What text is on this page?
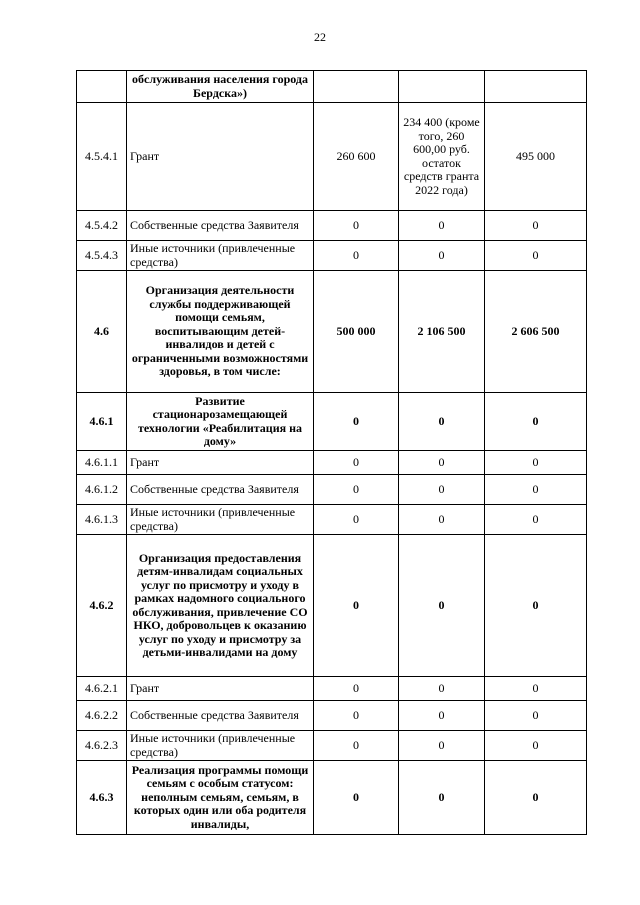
22
	обслуживания населения города Бердска»)			
4.5.4.1	Грант	260 600	234 400 (кроме того, 260 600,00 руб. остаток средств гранта 2022 года)	495 000
4.5.4.2	Собственные средства Заявителя	0	0	0
4.5.4.3	Иные источники (привлеченные средства)	0	0	0
4.6	Организация деятельности службы поддерживающей помощи семьям, воспитывающим детей-инвалидов и детей с ограниченными возможностями здоровья, в том числе:	500 000	2 106 500	2 606 500
4.6.1	Развитие стационарозамещающей технологии «Реабилитация на дому»	0	0	0
4.6.1.1	Грант	0	0	0
4.6.1.2	Собственные средства Заявителя	0	0	0
4.6.1.3	Иные источники (привлеченные средства)	0	0	0
4.6.2	Организация предоставления детям-инвалидам социальных услуг по присмотру и уходу в рамках надомного социального обслуживания, привлечение СО НКО, добровольцев к оказанию услуг по уходу и присмотру за детьми-инвалидами на дому	0	0	0
4.6.2.1	Грант	0	0	0
4.6.2.2	Собственные средства Заявителя	0	0	0
4.6.2.3	Иные источники (привлеченные средства)	0	0	0
4.6.3	Реализация программы помощи семьям с особым статусом: неполным семьям, семьям, в которых один или оба родителя инвалиды,	0	0	0
